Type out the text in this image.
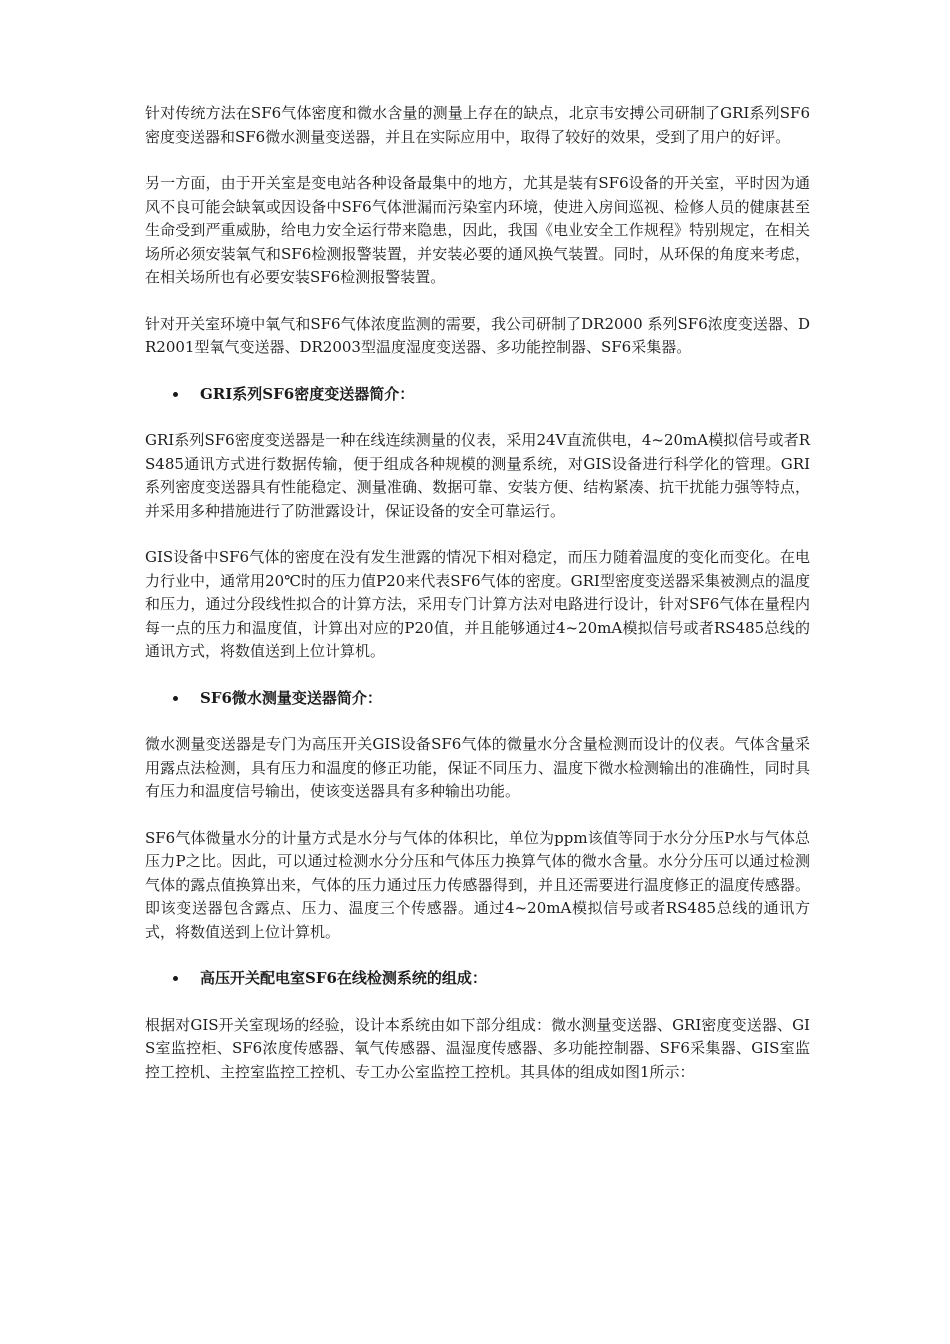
针对传统方法在SF6气体密度和微水含量的测量上存在的缺点，北京韦安搏公司研制了GRI系列SF6密度变送器和SF6微水测量变送器，并且在实际应用中，取得了较好的效果，受到了用户的好评。

另一方面，由于开关室是变电站各种设备最集中的地方，尤其是装有SF6设备的开关室，平时因为通风不良可能会缺氧或因设备中SF6气体泄漏而污染室内环境，使进入房间巡视、检修人员的健康甚至生命受到严重威胁，给电力安全运行带来隐患，因此，我国《电业安全工作规程》特别规定，在相关场所必须安装氧气和SF6检测报警装置，并安装必要的通风换气装置。同时，从环保的角度来考虑，在相关场所也有必要安装SF6检测报警装置。

针对开关室环境中氧气和SF6气体浓度监测的需要，我公司研制了DR2000 系列SF6浓度变送器、DR2001型氧气变送器、DR2003型温度湿度变送器、多功能控制器、SF6采集器。

GRI系列SF6密度变送器简介：

GRI系列SF6密度变送器是一种在线连续测量的仪表，采用24V直流供电，4~20mA模拟信号或者RS485通讯方式进行数据传输，便于组成各种规模的测量系统，对GIS设备进行科学化的管理。GRI系列密度变送器具有性能稳定、测量准确、数据可靠、安装方便、结构紧凑、抗干扰能力强等特点，并采用多种措施进行了防泄露设计，保证设备的安全可靠运行。

GIS设备中SF6气体的密度在没有发生泄露的情况下相对稳定，而压力随着温度的变化而变化。在电力行业中，通常用20℃时的压力值P20来代表SF6气体的密度。GRI型密度变送器采集被测点的温度和压力，通过分段线性拟合的计算方法，采用专门计算方法对电路进行设计，针对SF6气体在量程内每一点的压力和温度值，计算出对应的P20值，并且能够通过4~20mA模拟信号或者RS485总线的通讯方式，将数值送到上位计算机。

SF6微水测量变送器简介：

微水测量变送器是专门为高压开关GIS设备SF6气体的微量水分含量检测而设计的仪表。气体含量采用露点法检测，具有压力和温度的修正功能，保证不同压力、温度下微水检测输出的准确性，同时具有压力和温度信号输出，使该变送器具有多种输出功能。

SF6气体微量水分的计量方式是水分与气体的体积比，单位为ppm该值等同于水分分压P水与气体总压力P之比。因此，可以通过检测水分分压和气体压力换算气体的微水含量。水分分压可以通过检测气体的露点值换算出来，气体的压力通过压力传感器得到，并且还需要进行温度修正的温度传感器。即该变送器包含露点、压力、温度三个传感器。通过4~20mA模拟信号或者RS485总线的通讯方式，将数值送到上位计算机。

高压开关配电室SF6在线检测系统的组成：

根据对GIS开关室现场的经验，设计本系统由如下部分组成：微水测量变送器、GRI密度变送器、GIS室监控柜、SF6浓度传感器、氧气传感器、温湿度传感器、多功能控制器、SF6采集器、GIS室监控工控机、主控室监控工控机、专工办公室监控工控机。其具体的组成如图1所示：
